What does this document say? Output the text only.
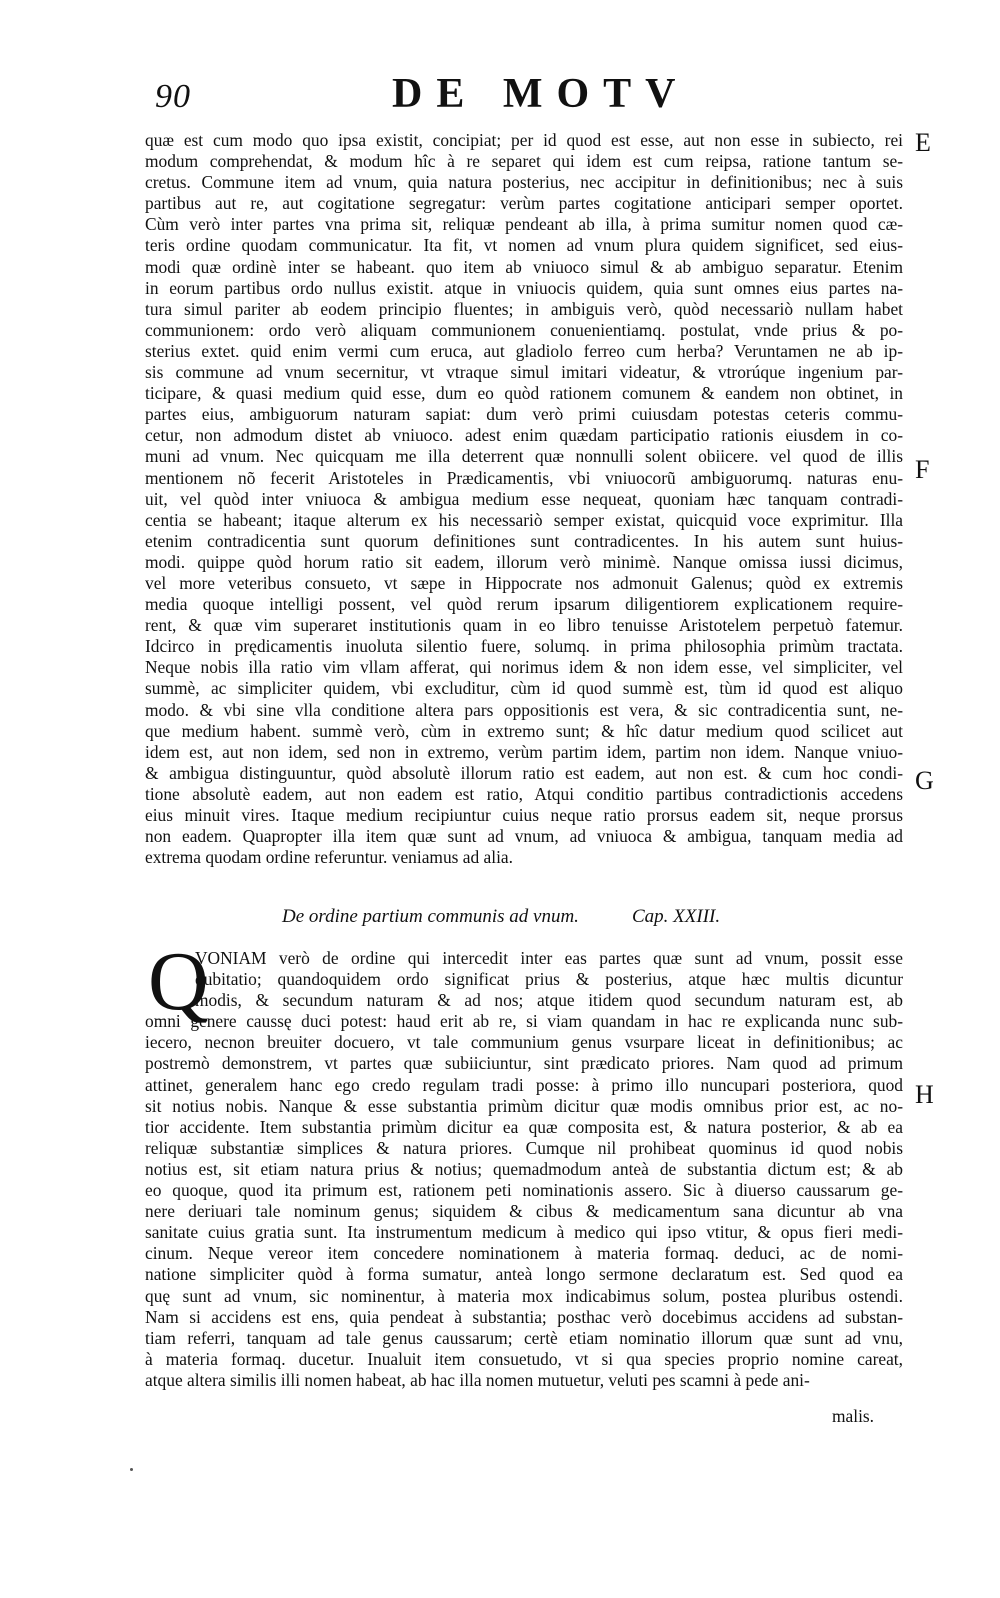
90	DE MOTV
E
F
G
H
quæ est cum modo quo ipsa existit, concipiat; per id quod est esse, aut non esse in subiecto, rei
modum comprehendat, & modum hîc à re separet qui idem est cum reipsa, ratione tantum se-
cretus. Commune item ad vnum, quia natura posterius, nec accipitur in definitionibus; nec à suis
partibus aut re, aut cogitatione segregatur: verùm partes cogitatione anticipari semper oportet.
Cùm verò inter partes vna prima sit, reliquæ pendeant ab illa, à prima sumitur nomen quod cæ-
teris ordine quodam communicatur. Ita fit, vt nomen ad vnum plura quidem significet, sed eius-
modi quæ ordinè inter se habeant. quo item ab vniuoco simul & ab ambiguo separatur. Etenim
in eorum partibus ordo nullus existit. atque in vniuocis quidem, quia sunt omnes eius partes na-
tura simul pariter ab eodem principio fluentes; in ambiguis verò, quòd necessariò nullam habet
communionem: ordo verò aliquam communionem conuenientiamq. postulat, vnde prius & po-
sterius extet. quid enim vermi cum eruca, aut gladiolo ferreo cum herba? Veruntamen ne ab ip-
sis commune ad vnum secernitur, vt vtraque simul imitari videatur, & vtrorúque ingenium par-
ticipare, & quasi medium quid esse, dum eo quòd rationem comunem & eandem non obtinet, in
partes eius, ambiguorum naturam sapiat: dum verò primi cuiusdam potestas ceteris commu-
cetur, non admodum distet ab vniuoco. adest enim quædam participatio rationis eiusdem in co-
muni ad vnum. Nec quicquam me illa deterrent quæ nonnulli solent obiicere. vel quod de illis
mentionem nõ fecerit Aristoteles in Prædicamentis, vbi vniuocorũ ambiguorumq. naturas enu-
uit, vel quòd inter vniuoca & ambigua medium esse nequeat, quoniam hæc tanquam contradi-
centia se habeant; itaque alterum ex his necessariò semper existat, quicquid voce exprimitur. Illa
etenim contradicentia sunt quorum definitiones sunt contradicentes. In his autem sunt huius-
modi. quippe quòd horum ratio sit eadem, illorum verò minimè. Nanque omissa iussi dicimus,
vel more veteribus consueto, vt sæpe in Hippocrate nos admonuit Galenus; quòd ex extremis
media quoque intelligi possent, vel quòd rerum ipsarum diligentiorem explicationem require-
rent, & quæ vim superaret institutionis quam in eo libro tenuisse Aristotelem perpetuò fatemur.
Idcirco in prędicamentis inuoluta silentio fuere, solumq. in prima philosophia primùm tractata.
Neque nobis illa ratio vim vllam afferat, qui norimus idem & non idem esse, vel simpliciter, vel
summè, ac simpliciter quidem, vbi excluditur, cùm id quod summè est, tùm id quod est aliquo
modo. & vbi sine vlla conditione altera pars oppositionis est vera, & sic contradicentia sunt, ne-
que medium habent. summè verò, cùm in extremo sunt; & hîc datur medium quod scilicet aut
idem est, aut non idem, sed non in extremo, verùm partim idem, partim non idem. Nanque vniuo-
& ambigua distinguuntur, quòd absolutè illorum ratio est eadem, aut non est. & cum hoc condi-
tione absolutè eadem, aut non eadem est ratio, Atqui conditio partibus contradictionis accedens
eius minuit vires. Itaque medium recipiuntur cuius neque ratio prorsus eadem sit, neque prorsus
non eadem. Quapropter illa item quæ sunt ad vnum, ad vniuoca & ambigua, tanquam media ad
extrema quodam ordine referuntur. veniamus ad alia.
De ordine partium communis ad vnum.	Cap. XXIII.
Q
VONIAM verò de ordine qui intercedit inter eas partes quæ sunt ad vnum, possit esse
dubitatio; quandoquidem ordo significat prius & posterius, atque hæc multis dicuntur
modis, & secundum naturam & ad nos; atque itidem quod secundum naturam est, ab
omni genere caussę duci potest: haud erit ab re, si viam quandam in hac re explicanda nunc sub-
iecero, necnon breuiter docuero, vt tale communium genus vsurpare liceat in definitionibus; ac
postremò demonstrem, vt partes quæ subiiciuntur, sint prædicato priores. Nam quod ad primum
attinet, generalem hanc ego credo regulam tradi posse: à primo illo nuncupari posteriora, quod
sit notius nobis. Nanque & esse substantia primùm dicitur quæ modis omnibus prior est, ac no-
tior accidente. Item substantia primùm dicitur ea quæ composita est, & natura posterior, & ab ea
reliquæ substantiæ simplices & natura priores. Cumque nil prohibeat quominus id quod nobis
notius est, sit etiam natura prius & notius; quemadmodum anteà de substantia dictum est; & ab
eo quoque, quod ita primum est, rationem peti nominationis assero. Sic à diuerso caussarum ge-
nere deriuari tale nominum genus; siquidem & cibus & medicamentum sana dicuntur ab vna
sanitate cuius gratia sunt. Ita instrumentum medicum à medico qui ipso vtitur, & opus fieri medi-
cinum. Neque vereor item concedere nominationem à materia formaq. deduci, ac de nomi-
natione simpliciter quòd à forma sumatur, anteà longo sermone declaratum est. Sed quod ea
quę sunt ad vnum, sic nominentur, à materia mox indicabimus solum, postea pluribus ostendi.
Nam si accidens est ens, quia pendeat à substantia; posthac verò docebimus accidens ad substan-
tiam referri, tanquam ad tale genus caussarum; certè etiam nominatio illorum quæ sunt ad vnu,
à materia formaq. ducetur. Inualuit item consuetudo, vt si qua species proprio nomine careat,
atque altera similis illi nomen habeat, ab hac illa nomen mutuetur, veluti pes scamni à pede ani-
malis.
